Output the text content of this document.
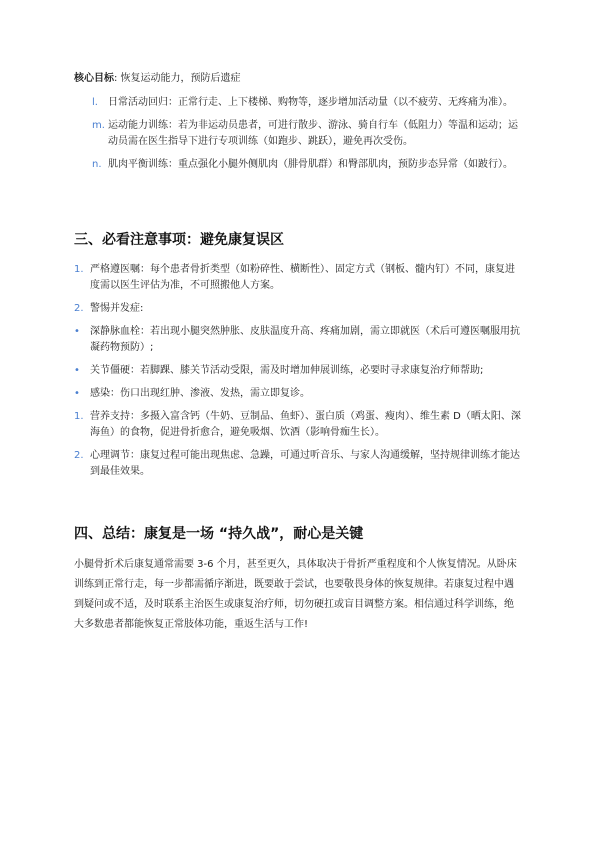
核心目标: 恢复运动能力，预防后遗症
l. 日常活动回归：正常行走、上下楼梯、购物等，逐步增加活动量（以不疲劳、无疼痛为准）。
m. 运动能力训练：若为非运动员患者，可进行散步、游泳、骑自行车（低阻力）等温和运动；运动员需在医生指导下进行专项训练（如跑步、跳跃），避免再次受伤。
n. 肌肉平衡训练：重点强化小腿外侧肌肉（腓骨肌群）和臀部肌肉，预防步态异常（如跛行）。
三、必看注意事项：避免康复误区
1. 严格遵医嘱：每个患者骨折类型（如粉碎性、横断性）、固定方式（钢板、髓内钉）不同，康复进度需以医生评估为准，不可照搬他人方案。
2. 警惕并发症:
• 深静脉血栓：若出现小腿突然肿胀、皮肤温度升高、疼痛加剧，需立即就医（术后可遵医嘱服用抗凝药物预防）;
• 关节僵硬：若脚踝、膝关节活动受限，需及时增加伸展训练，必要时寻求康复治疗师帮助;
• 感染：伤口出现红肿、渗液、发热，需立即复诊。
1. 营养支持：多摄入富含钙（牛奶、豆制品、鱼虾）、蛋白质（鸡蛋、瘦肉）、维生素 D（晒太阳、深海鱼）的食物，促进骨折愈合，避免吸烟、饮酒（影响骨痂生长）。
2. 心理调节：康复过程可能出现焦虑、急躁，可通过听音乐、与家人沟通缓解，坚持规律训练才能达到最佳效果。
四、总结：康复是一场 “持久战”，耐心是关键

小腿骨折术后康复通常需要 3-6 个月，甚至更久，具体取决于骨折严重程度和个人恢复情况。从卧床训练到正常行走，每一步都需循序渐进，既要敢于尝试，也要敬畏身体的恢复规律。若康复过程中遇到疑问或不适，及时联系主治医生或康复治疗师，切勿硬扛或盲目调整方案。相信通过科学训练，绝大多数患者都能恢复正常肢体功能，重返生活与工作!
